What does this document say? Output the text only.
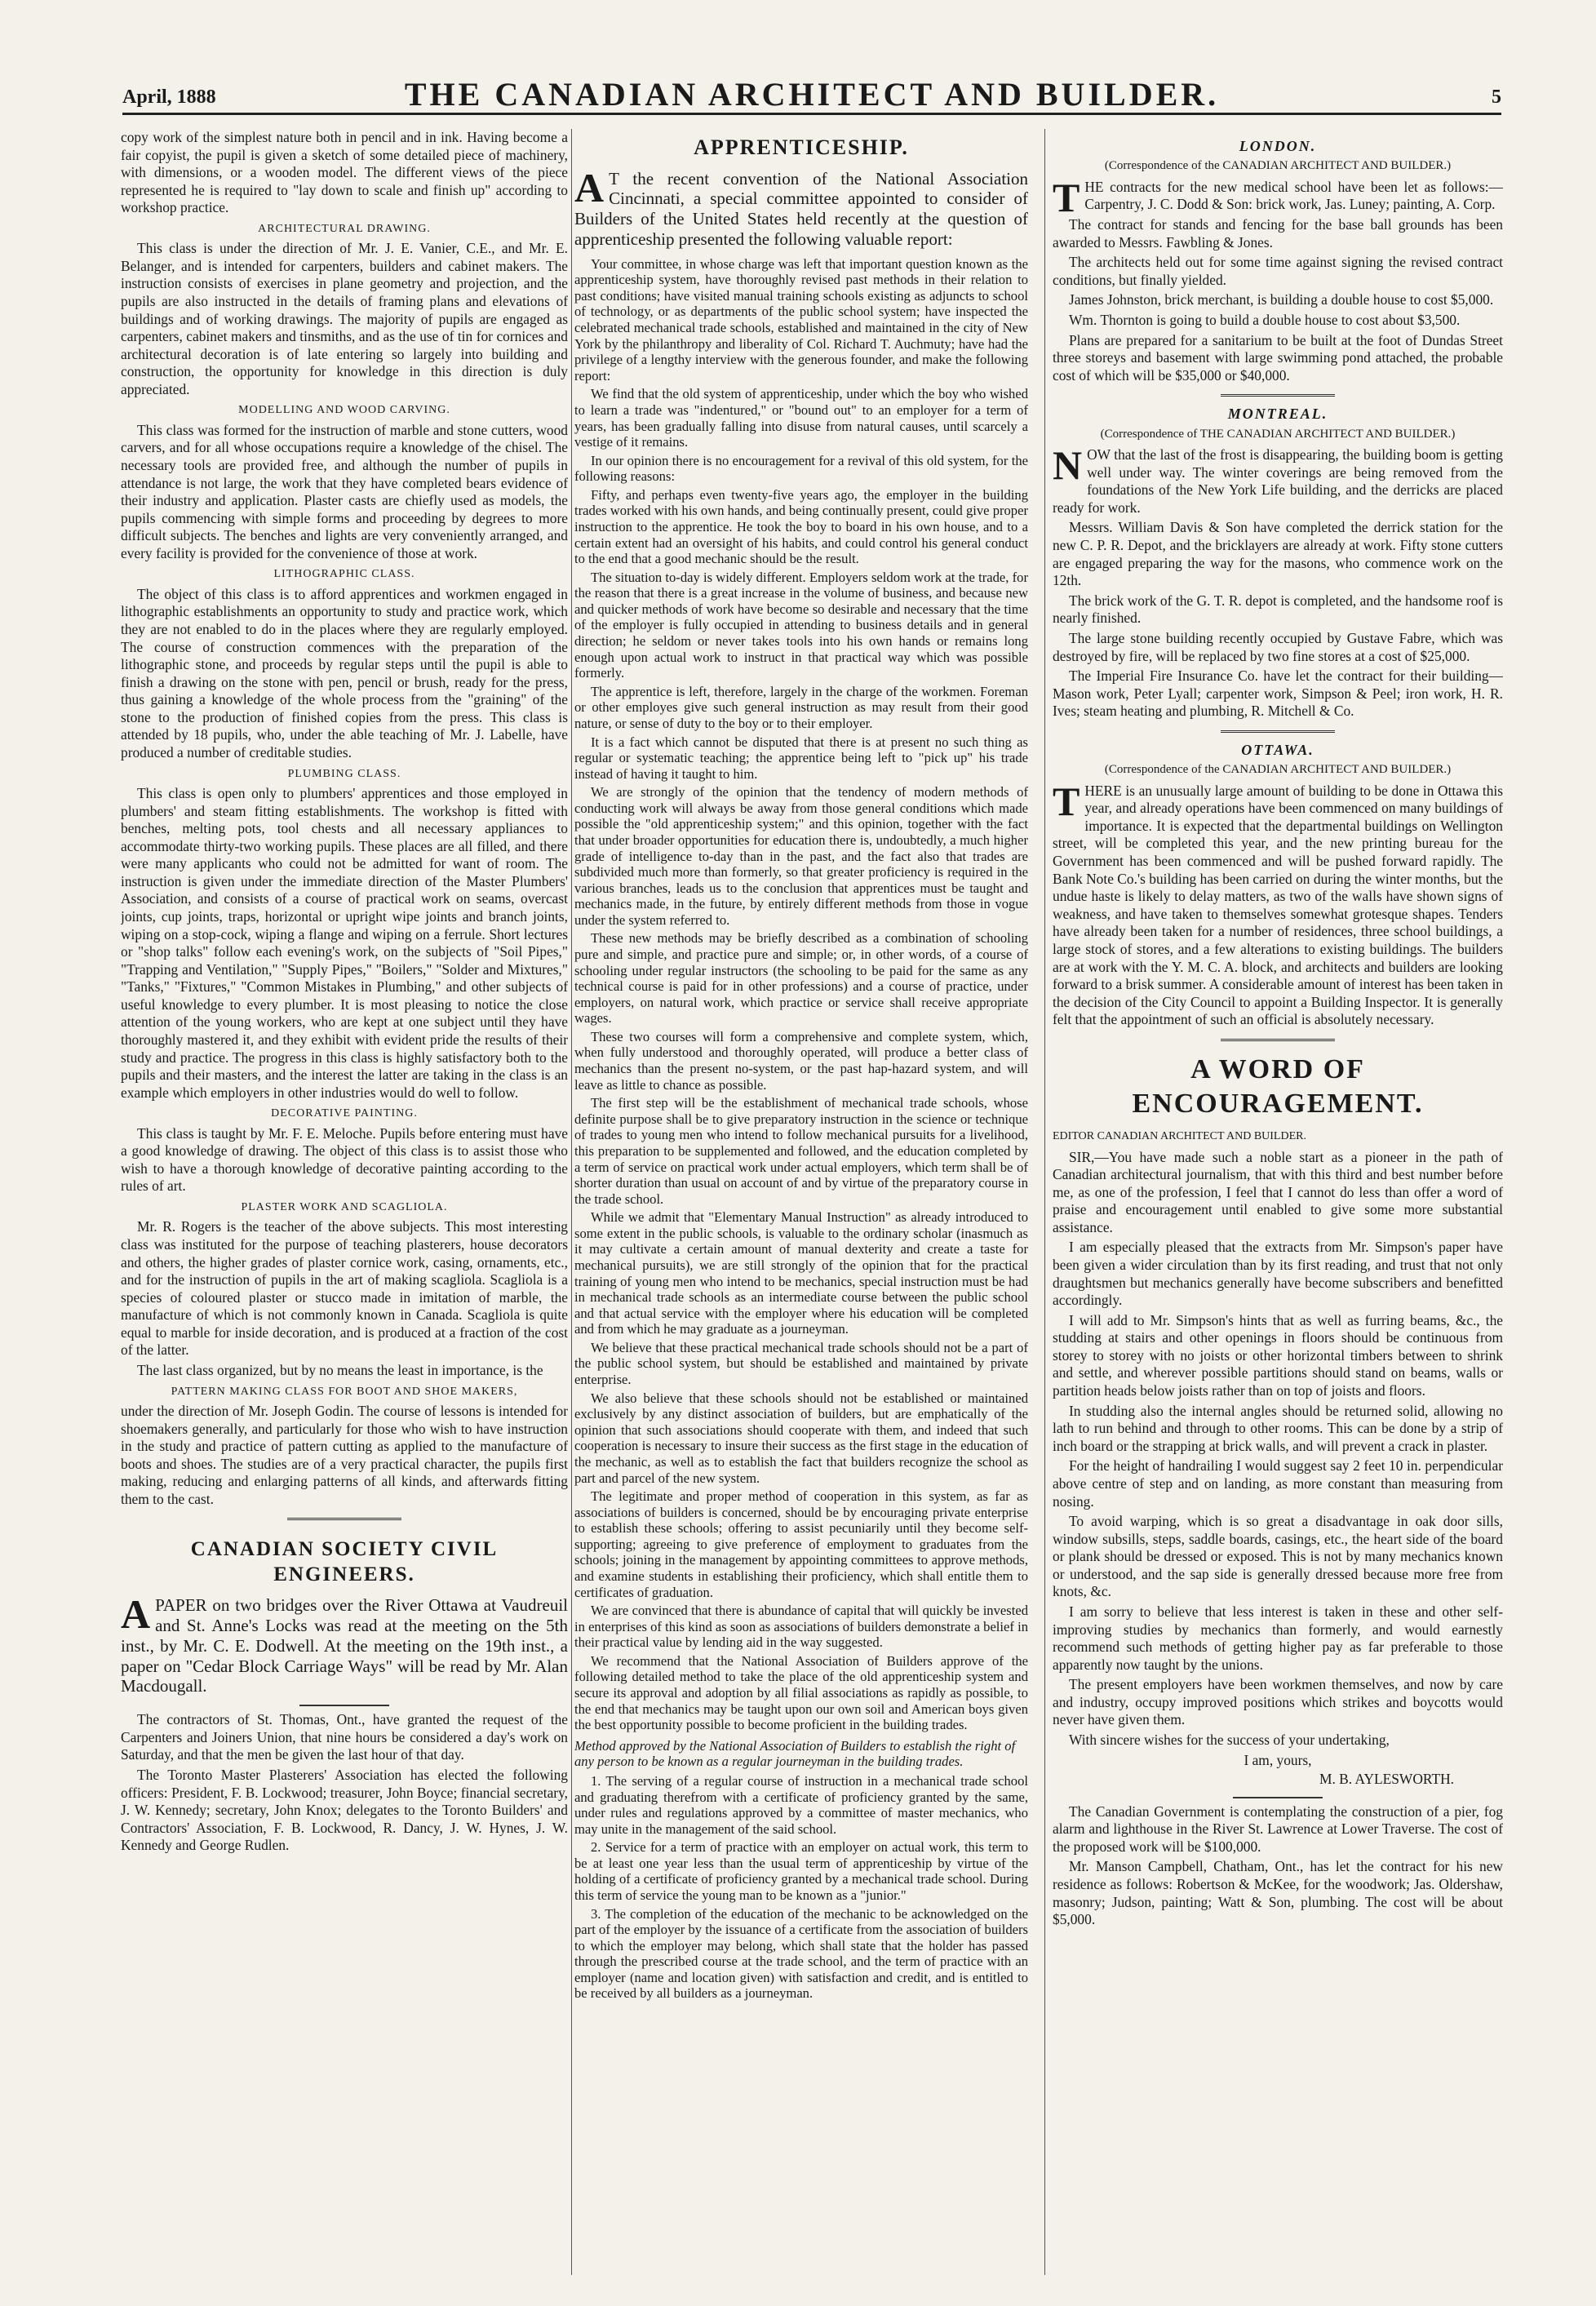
April, 1888	THE CANADIAN ARCHITECT AND BUILDER.	5

copy work of the simplest nature both in pencil and in ink. Having become a fair copyist, the pupil is given a sketch of some detailed piece of machinery, with dimensions, or a wooden model. The different views of the piece represented he is required to "lay down to scale and finish up" according to workshop practice.

ARCHITECTURAL DRAWING.

This class is under the direction of Mr. J. E. Vanier, C.E., and Mr. E. Belanger, and is intended for carpenters, builders and cabinet makers. The instruction consists of exercises in plane geometry and projection, and the pupils are also instructed in the details of framing plans and elevations of buildings and of working drawings. The majority of pupils are engaged as carpenters, cabinet makers and tinsmiths, and as the use of tin for cornices and architectural decoration is of late entering so largely into building and construction, the opportunity for knowledge in this direction is duly appreciated.

MODELLING AND WOOD CARVING.

This class was formed for the instruction of marble and stone cutters, wood carvers, and for all whose occupations require a knowledge of the chisel. The necessary tools are provided free, and although the number of pupils in attendance is not large, the work that they have completed bears evidence of their industry and application. Plaster casts are chiefly used as models, the pupils commencing with simple forms and proceeding by degrees to more difficult subjects. The benches and lights are very conveniently arranged, and every facility is provided for the convenience of those at work.

LITHOGRAPHIC CLASS.

The object of this class is to afford apprentices and workmen engaged in lithographic establishments an opportunity to study and practice work, which they are not enabled to do in the places where they are regularly employed. The course of construction commences with the preparation of the lithographic stone, and proceeds by regular steps until the pupil is able to finish a drawing on the stone with pen, pencil or brush, ready for the press, thus gaining a knowledge of the whole process from the "graining" of the stone to the production of finished copies from the press. This class is attended by 18 pupils, who, under the able teaching of Mr. J. Labelle, have produced a number of creditable studies.

PLUMBING CLASS.

This class is open only to plumbers' apprentices and those employed in plumbers' and steam fitting establishments. The workshop is fitted with benches, melting pots, tool chests and all necessary appliances to accommodate thirty-two working pupils. These places are all filled, and there were many applicants who could not be admitted for want of room. The instruction is given under the immediate direction of the Master Plumbers' Association, and consists of a course of practical work on seams, overcast joints, cup joints, traps, horizontal or upright wipe joints and branch joints, wiping on a stop-cock, wiping a flange and wiping on a ferrule. Short lectures or "shop talks" follow each evening's work, on the subjects of "Soil Pipes," "Trapping and Ventilation," "Supply Pipes," "Boilers," "Solder and Mixtures," "Tanks," "Fixtures," "Common Mistakes in Plumbing," and other subjects of useful knowledge to every plumber. It is most pleasing to notice the close attention of the young workers, who are kept at one subject until they have thoroughly mastered it, and they exhibit with evident pride the results of their study and practice. The progress in this class is highly satisfactory both to the pupils and their masters, and the interest the latter are taking in the class is an example which employers in other industries would do well to follow.

DECORATIVE PAINTING.

This class is taught by Mr. F. E. Meloche. Pupils before entering must have a good knowledge of drawing. The object of this class is to assist those who wish to have a thorough knowledge of decorative painting according to the rules of art.

PLASTER WORK AND SCAGLIOLA.

Mr. R. Rogers is the teacher of the above subjects. This most interesting class was instituted for the purpose of teaching plasterers, house decorators and others, the higher grades of plaster cornice work, casing, ornaments, etc., and for the instruction of pupils in the art of making scagliola. Scagliola is a species of coloured plaster or stucco made in imitation of marble, the manufacture of which is not commonly known in Canada. Scagliola is quite equal to marble for inside decoration, and is produced at a fraction of the cost of the latter.

The last class organized, but by no means the least in importance, is the

PATTERN MAKING CLASS FOR BOOT AND SHOE MAKERS,

under the direction of Mr. Joseph Godin. The course of lessons is intended for shoemakers generally, and particularly for those who wish to have instruction in the study and practice of pattern cutting as applied to the manufacture of boots and shoes. The studies are of a very practical character, the pupils first making, reducing and enlarging patterns of all kinds, and afterwards fitting them to the cast.

CANADIAN SOCIETY CIVIL ENGINEERS.

APAPER on two bridges over the River Ottawa at Vaudreuil and St. Anne's Locks was read at the meeting on the 5th inst., by Mr. C. E. Dodwell. At the meeting on the 19th inst., a paper on "Cedar Block Carriage Ways" will be read by Mr. Alan Macdougall.

The contractors of St. Thomas, Ont., have granted the request of the Carpenters and Joiners Union, that nine hours be considered a day's work on Saturday, and that the men be given the last hour of that day.

The Toronto Master Plasterers' Association has elected the following officers: President, F. B. Lockwood; treasurer, John Boyce; financial secretary, J. W. Kennedy; secretary, John Knox; delegates to the Toronto Builders' and Contractors' Association, F. B. Lockwood, R. Dancy, J. W. Hynes, J. W. Kennedy and George Rudlen.

APPRENTICESHIP.

A T the recent convention of the National Association Cincinnati, a special committee appointed to consider of Builders of the United States held recently at the question of apprenticeship presented the following valuable report:

Your committee, in whose charge was left that important question known as the apprenticeship system, have thoroughly revised past methods in their relation to past conditions; have visited manual training schools existing as adjuncts to school of technology, or as departments of the public school system; have inspected the celebrated mechanical trade schools, established and maintained in the city of New York by the philanthropy and liberality of Col. Richard T. Auchmuty; have had the privilege of a lengthy interview with the generous founder, and make the following report:

We find that the old system of apprenticeship, under which the boy who wished to learn a trade was "indentured," or "bound out" to an employer for a term of years, has been gradually falling into disuse from natural causes, until scarcely a vestige of it remains.

In our opinion there is no encouragement for a revival of this old system, for the following reasons:

Fifty, and perhaps even twenty-five years ago, the employer in the building trades worked with his own hands, and being continually present, could give proper instruction to the apprentice. He took the boy to board in his own house, and to a certain extent had an oversight of his habits, and could control his general conduct to the end that a good mechanic should be the result.

The situation to-day is widely different. Employers seldom work at the trade, for the reason that there is a great increase in the volume of business, and because new and quicker methods of work have become so desirable and necessary that the time of the employer is fully occupied in attending to business details and in general direction; he seldom or never takes tools into his own hands or remains long enough upon actual work to instruct in that practical way which was possible formerly.

The apprentice is left, therefore, largely in the charge of the workmen. Foreman or other employes give such general instruction as may result from their good nature, or sense of duty to the boy or to their employer.

It is a fact which cannot be disputed that there is at present no such thing as regular or systematic teaching; the apprentice being left to "pick up" his trade instead of having it taught to him.

We are strongly of the opinion that the tendency of modern methods of conducting work will always be away from those general conditions which made possible the "old apprenticeship system;" and this opinion, together with the fact that under broader opportunities for education there is, undoubtedly, a much higher grade of intelligence to-day than in the past, and the fact also that trades are subdivided much more than formerly, so that greater proficiency is required in the various branches, leads us to the conclusion that apprentices must be taught and mechanics made, in the future, by entirely different methods from those in vogue under the system referred to.

These new methods may be briefly described as a combination of schooling pure and simple, and practice pure and simple; or, in other words, of a course of schooling under regular instructors (the schooling to be paid for the same as any technical course is paid for in other professions) and a course of practice, under employers, on natural work, which practice or service shall receive appropriate wages.

These two courses will form a comprehensive and complete system, which, when fully understood and thoroughly operated, will produce a better class of mechanics than the present no-system, or the past hap-hazard system, and will leave as little to chance as possible.

The first step will be the establishment of mechanical trade schools, whose definite purpose shall be to give preparatory instruction in the science or technique of trades to young men who intend to follow mechanical pursuits for a livelihood, this preparation to be supplemented and followed, and the education completed by a term of service on practical work under actual employers, which term shall be of shorter duration than usual on account of and by virtue of the preparatory course in the trade school.

While we admit that "Elementary Manual Instruction" as already introduced to some extent in the public schools, is valuable to the ordinary scholar (inasmuch as it may cultivate a certain amount of manual dexterity and create a taste for mechanical pursuits), we are still strongly of the opinion that for the practical training of young men who intend to be mechanics, special instruction must be had in mechanical trade schools as an intermediate course between the public school and that actual service with the employer where his education will be completed and from which he may graduate as a journeyman.

We believe that these practical mechanical trade schools should not be a part of the public school system, but should be established and maintained by private enterprise.

We also believe that these schools should not be established or maintained exclusively by any distinct association of builders, but are emphatically of the opinion that such associations should cooperate with them, and indeed that such cooperation is necessary to insure their success as the first stage in the education of the mechanic, as well as to establish the fact that builders recognize the school as part and parcel of the new system.

The legitimate and proper method of cooperation in this system, as far as associations of builders is concerned, should be by encouraging private enterprise to establish these schools; offering to assist pecuniarily until they become self-supporting; agreeing to give preference of employment to graduates from the schools; joining in the management by appointing committees to approve methods, and examine students in establishing their proficiency, which shall entitle them to certificates of graduation.

We are convinced that there is abundance of capital that will quickly be invested in enterprises of this kind as soon as associations of builders demonstrate a belief in their practical value by lending aid in the way suggested.

We recommend that the National Association of Builders approve of the following detailed method to take the place of the old apprenticeship system and secure its approval and adoption by all filial associations as rapidly as possible, to the end that mechanics may be taught upon our own soil and American boys given the best opportunity possible to become proficient in the building trades.

Method approved by the National Association of Builders to establish the right of any person to be known as a regular journeyman in the building trades.

1. The serving of a regular course of instruction in a mechanical trade school and graduating therefrom with a certificate of proficiency granted by the same, under rules and regulations approved by a committee of master mechanics, who may unite in the management of the said school.

2. Service for a term of practice with an employer on actual work, this term to be at least one year less than the usual term of apprenticeship by virtue of the holding of a certificate of proficiency granted by a mechanical trade school. During this term of service the young man to be known as a "junior."

3. The completion of the education of the mechanic to be acknowledged on the part of the employer by the issuance of a certificate from the association of builders to which the employer may belong, which shall state that the holder has passed through the prescribed course at the trade school, and the term of practice with an employer (name and location given) with satisfaction and credit, and is entitled to be received by all builders as a journeyman.

LONDON.
(Correspondence of the CANADIAN ARCHITECT AND BUILDER.)

THE contracts for the new medical school have been let as follows:—Carpentry, J. C. Dodd & Son: brick work, Jas. Luney; painting, A. Corp.

The contract for stands and fencing for the base ball grounds has been awarded to Messrs. Fawbling & Jones.

The architects held out for some time against signing the revised contract conditions, but finally yielded.

James Johnston, brick merchant, is building a double house to cost $5,000.

Wm. Thornton is going to build a double house to cost about $3,500.

Plans are prepared for a sanitarium to be built at the foot of Dundas Street three storeys and basement with large swimming pond attached, the probable cost of which will be $35,000 or $40,000.

MONTREAL.
(Correspondence of THE CANADIAN ARCHITECT AND BUILDER.)

NOW that the last of the frost is disappearing, the building boom is getting well under way. The winter coverings are being removed from the foundations of the New York Life building, and the derricks are placed ready for work.

Messrs. William Davis & Son have completed the derrick station for the new C. P. R. Depot, and the bricklayers are already at work. Fifty stone cutters are engaged preparing the way for the masons, who commence work on the 12th.

The brick work of the G. T. R. depot is completed, and the handsome roof is nearly finished.

The large stone building recently occupied by Gustave Fabre, which was destroyed by fire, will be replaced by two fine stores at a cost of $25,000.

The Imperial Fire Insurance Co. have let the contract for their building—Mason work, Peter Lyall; carpenter work, Simpson & Peel; iron work, H. R. Ives; steam heating and plumbing, R. Mitchell & Co.

OTTAWA.
(Correspondence of the CANADIAN ARCHITECT AND BUILDER.)

THERE is an unusually large amount of building to be done in Ottawa this year, and already operations have been commenced on many buildings of importance. It is expected that the departmental buildings on Wellington street, will be completed this year, and the new printing bureau for the Government has been commenced and will be pushed forward rapidly. The Bank Note Co.'s building has been carried on during the winter months, but the undue haste is likely to delay matters, as two of the walls have shown signs of weakness, and have taken to themselves somewhat grotesque shapes. Tenders have already been taken for a number of residences, three school buildings, a large stock of stores, and a few alterations to existing buildings. The builders are at work with the Y. M. C. A. block, and architects and builders are looking forward to a brisk summer. A considerable amount of interest has been taken in the decision of the City Council to appoint a Building Inspector. It is generally felt that the appointment of such an official is absolutely necessary.

A WORD OF ENCOURAGEMENT.

EDITOR CANADIAN ARCHITECT AND BUILDER.

SIR,—You have made such a noble start as a pioneer in the path of Canadian architectural journalism, that with this third and best number before me, as one of the profession, I feel that I cannot do less than offer a word of praise and encouragement until enabled to give some more substantial assistance.

I am especially pleased that the extracts from Mr. Simpson's paper have been given a wider circulation than by its first reading, and trust that not only draughtsmen but mechanics generally have become subscribers and benefitted accordingly.

I will add to Mr. Simpson's hints that as well as furring beams, &c., the studding at stairs and other openings in floors should be continuous from storey to storey with no joists or other horizontal timbers between to shrink and settle, and wherever possible partitions should stand on beams, walls or partition heads below joists rather than on top of joists and floors.

In studding also the internal angles should be returned solid, allowing no lath to run behind and through to other rooms. This can be done by a strip of inch board or the strapping at brick walls, and will prevent a crack in plaster.

For the height of handrailing I would suggest say 2 feet 10 in. perpendicular above centre of step and on landing, as more constant than measuring from nosing.

To avoid warping, which is so great a disadvantage in oak door sills, window subsills, steps, saddle boards, casings, etc., the heart side of the board or plank should be dressed or exposed. This is not by many mechanics known or understood, and the sap side is generally dressed because more free from knots, &c.

I am sorry to believe that less interest is taken in these and other self-improving studies by mechanics than formerly, and would earnestly recommend such methods of getting higher pay as far preferable to those apparently now taught by the unions.

The present employers have been workmen themselves, and now by care and industry, occupy improved positions which strikes and boycotts would never have given them.

With sincere wishes for the success of your undertaking,

I am, yours,

M. B. AYLESWORTH.

The Canadian Government is contemplating the construction of a pier, fog alarm and lighthouse in the River St. Lawrence at Lower Traverse. The cost of the proposed work will be $100,000.

Mr. Manson Campbell, Chatham, Ont., has let the contract for his new residence as follows: Robertson & McKee, for the woodwork; Jas. Oldershaw, masonry; Judson, painting; Watt & Son, plumbing. The cost will be about $5,000.
